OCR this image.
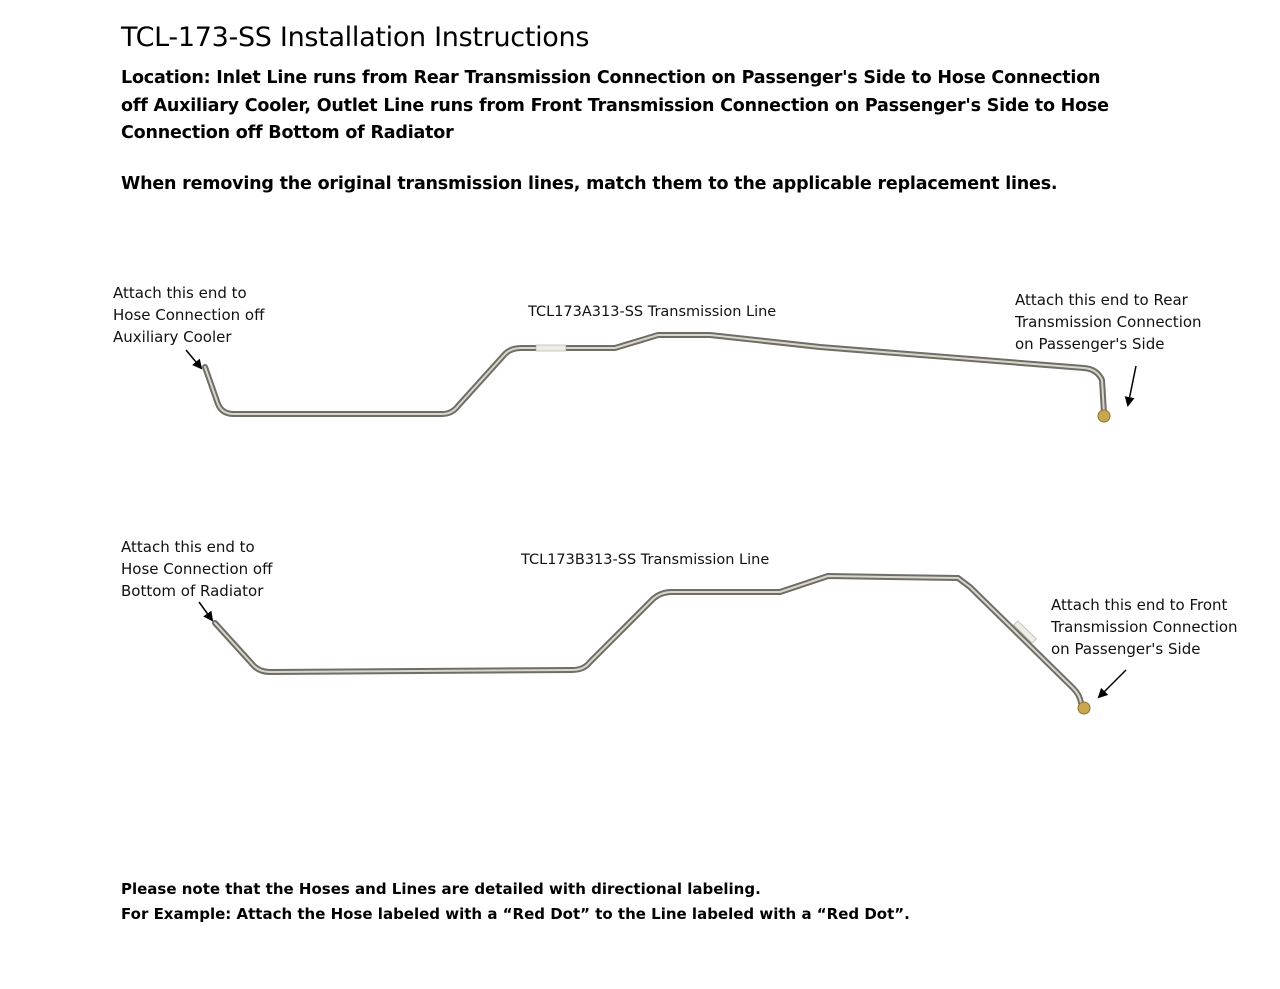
TCL-173-SS Installation Instructions

Location: Inlet Line runs from Rear Transmission Connection on Passenger's Side to Hose Connection

off Auxiliary Cooler, Outlet Line runs from Front Transmission Connection on Passenger's Side to Hose

Connection off Bottom of Radiator

When removing the original transmission lines, match them to the applicable replacement lines.

Attach this end to

Hose Connection off

Auxiliary Cooler

TCL173A313-SS Transmission Line

Attach this end to Rear

Transmission Connection

on Passenger's Side

Attach this end to

Hose Connection off

Bottom of Radiator

TCL173B313-SS Transmission Line

Attach this end to Front

Transmission Connection

on Passenger's Side

Please note that the Hoses and Lines are detailed with directional labeling.

For Example: Attach the Hose labeled with a “Red Dot” to the Line labeled with a “Red Dot”.
